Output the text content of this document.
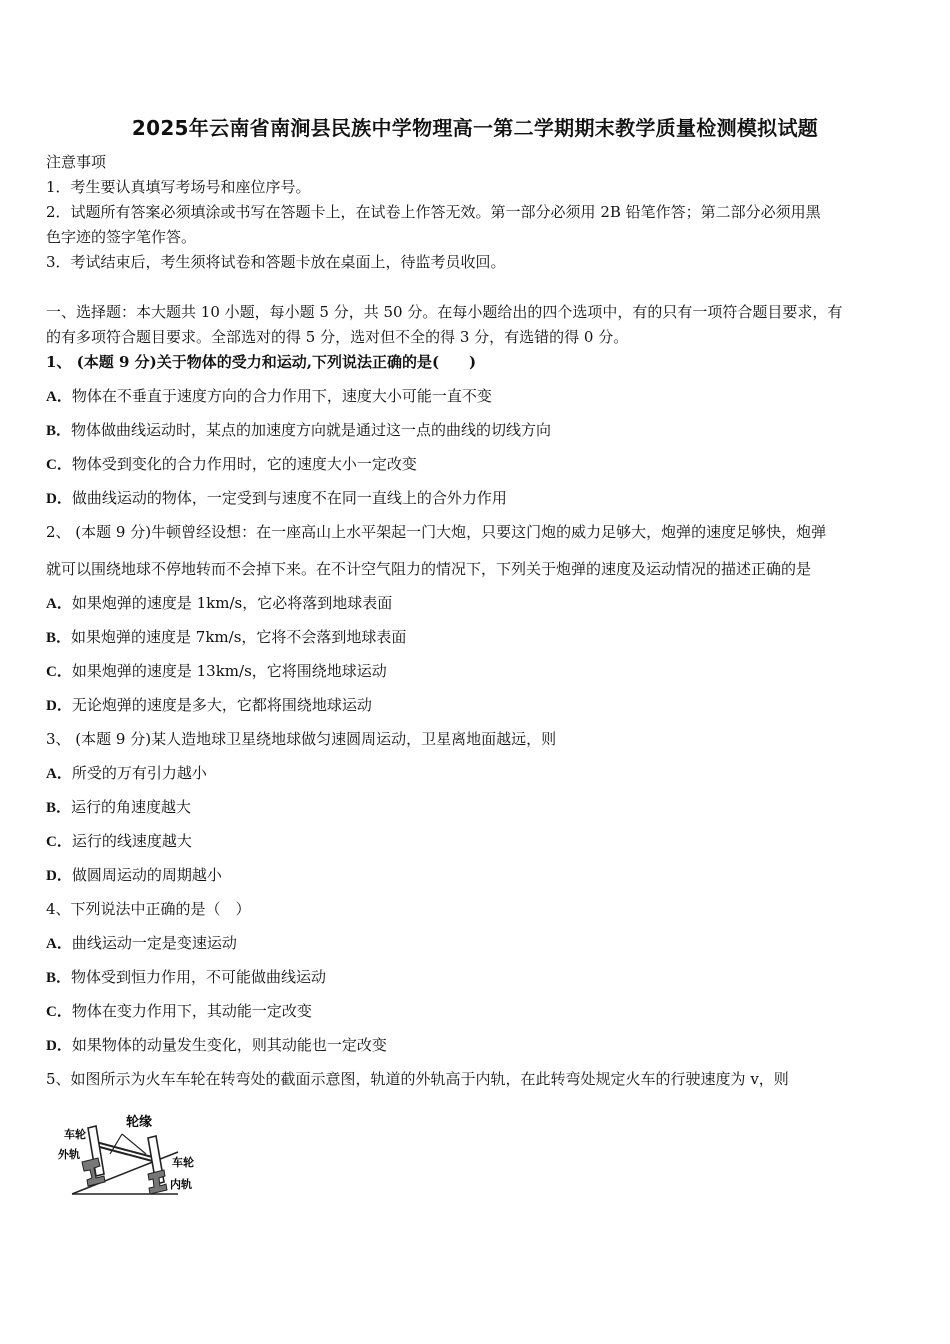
2025年云南省南涧县民族中学物理高一第二学期期末教学质量检测模拟试题
注意事项
1．考生要认真填写考场号和座位序号。
2．试题所有答案必须填涂或书写在答题卡上，在试卷上作答无效。第一部分必须用 2B 铅笔作答；第二部分必须用黑
色字迹的签字笔作答。
3．考试结束后，考生须将试卷和答题卡放在桌面上，待监考员收回。
一、选择题：本大题共 10 小题，每小题 5 分，共 50 分。在每小题给出的四个选项中，有的只有一项符合题目要求，有
的有多项符合题目要求。全部选对的得 5 分，选对但不全的得 3 分，有选错的得 0 分。
1、 (本题 9 分)关于物体的受力和运动,下列说法正确的是(　　)
A．物体在不垂直于速度方向的合力作用下，速度大小可能一直不变
B．物体做曲线运动时，某点的加速度方向就是通过这一点的曲线的切线方向
C．物体受到变化的合力作用时，它的速度大小一定改变
D．做曲线运动的物体，一定受到与速度不在同一直线上的合外力作用
2、 (本题 9 分)牛顿曾经设想：在一座高山上水平架起一门大炮，只要这门炮的威力足够大，炮弹的速度足够快，炮弹
就可以围绕地球不停地转而不会掉下来。在不计空气阻力的情况下，下列关于炮弹的速度及运动情况的描述正确的是
A．如果炮弹的速度是 1km/s，它必将落到地球表面
B．如果炮弹的速度是 7km/s，它将不会落到地球表面
C．如果炮弹的速度是 13km/s，它将围绕地球运动
D．无论炮弹的速度是多大，它都将围绕地球运动
3、 (本题 9 分)某人造地球卫星绕地球做匀速圆周运动，卫星离地面越远，则
A．所受的万有引力越小
B．运行的角速度越大
C．运行的线速度越大
D．做圆周运动的周期越小
4、下列说法中正确的是（　）
A．曲线运动一定是变速运动
B．物体受到恒力作用，不可能做曲线运动
C．物体在变力作用下，其动能一定改变
D．如果物体的动量发生变化，则其动能也一定改变
5、如图所示为火车车轮在转弯处的截面示意图，轨道的外轨高于内轨，在此转弯处规定火车的行驶速度为 v，则
轮缘
车轮
外轨
车轮
内轨
